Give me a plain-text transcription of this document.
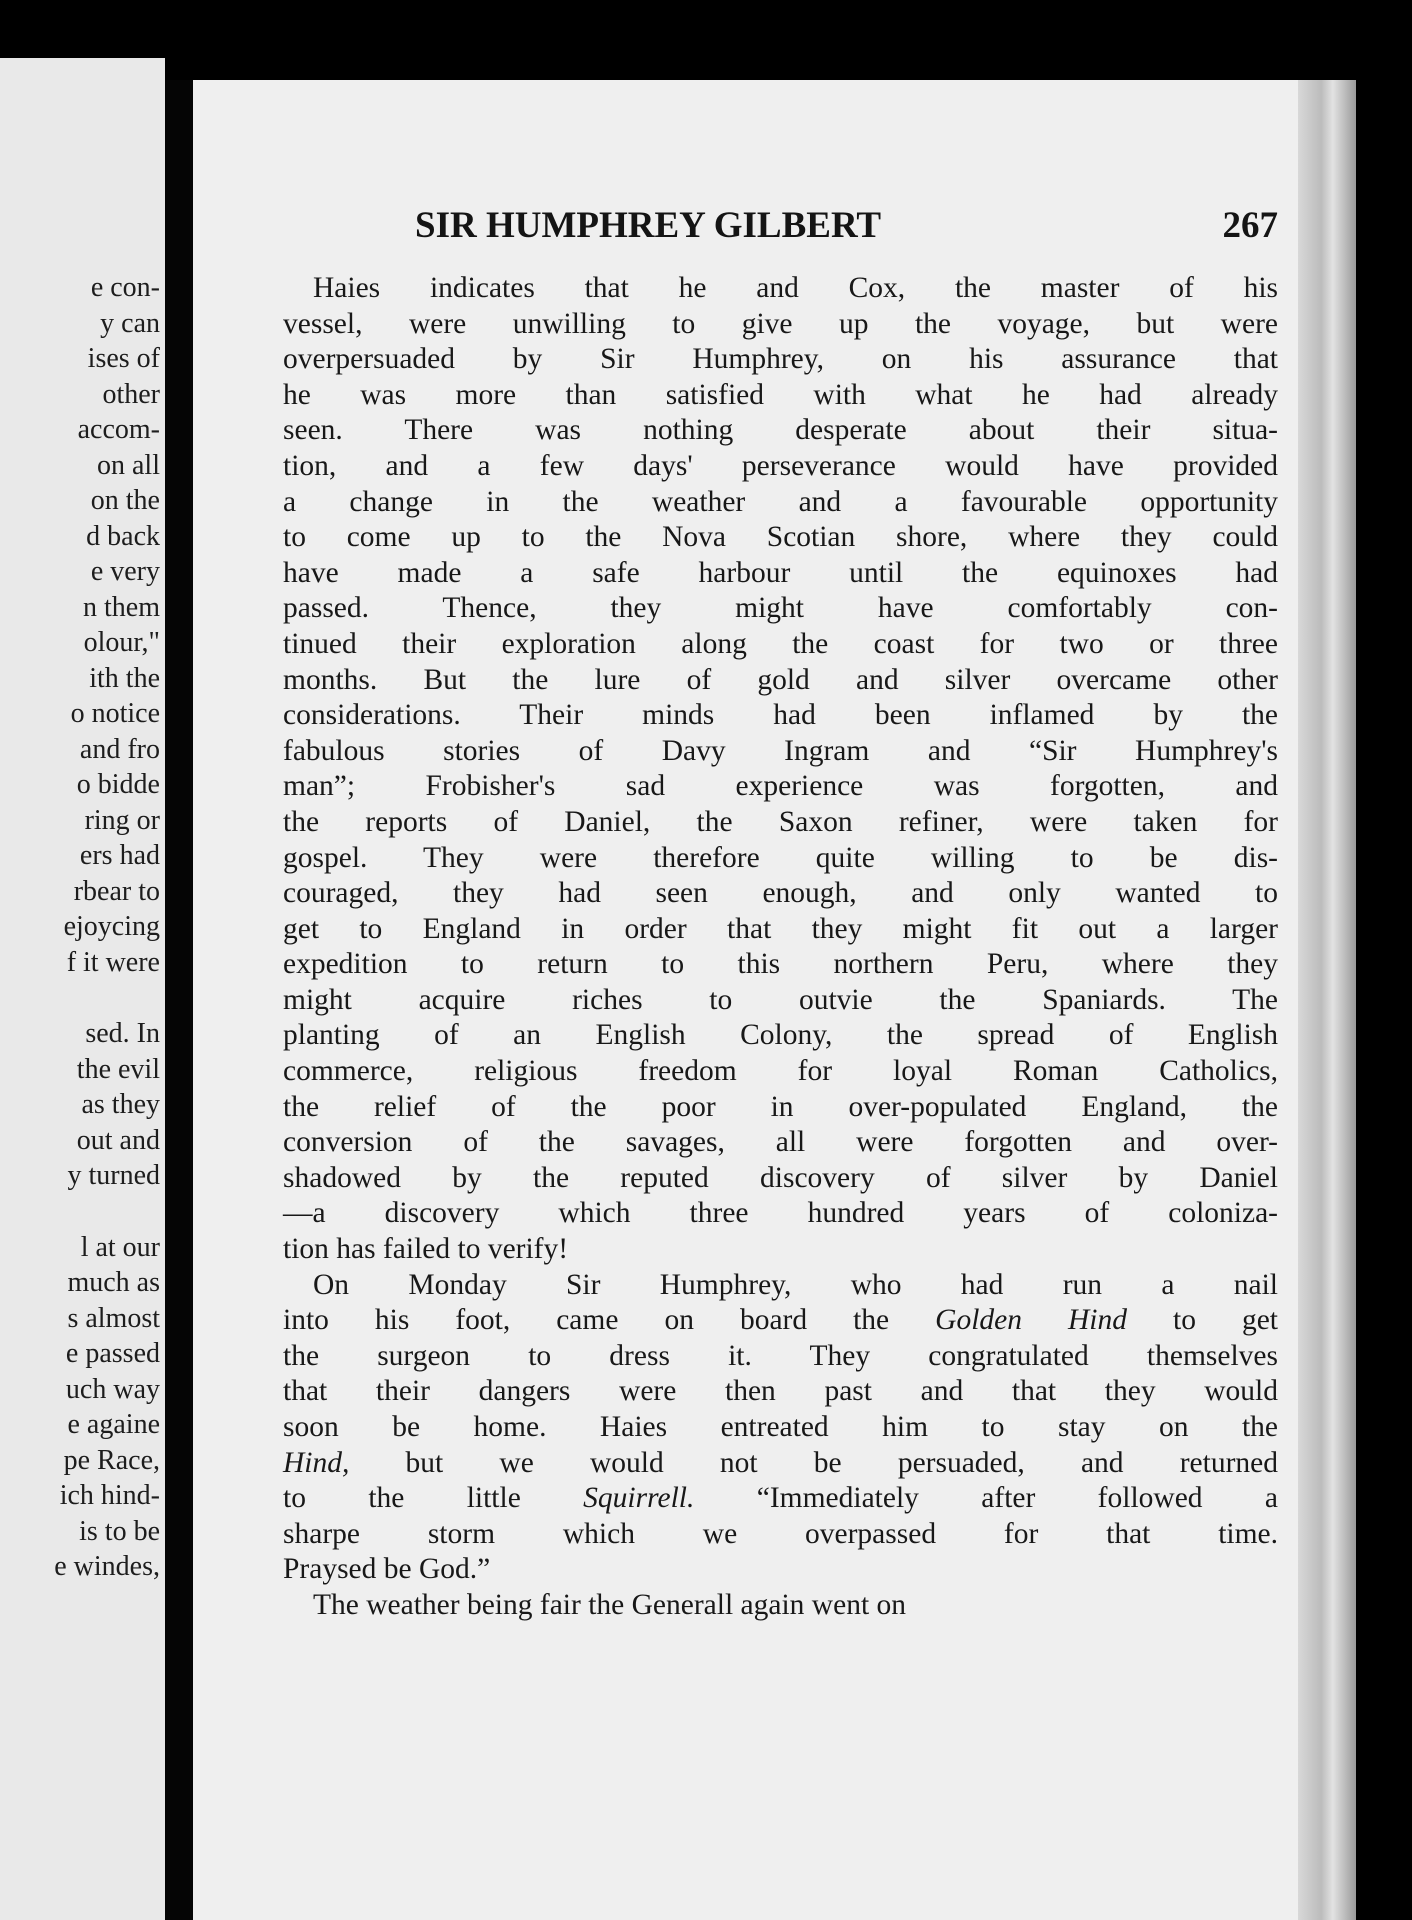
e con-
y can
ises of
other
accom-
on all
on the
d back
e very
n them
olour,"
ith the
o notice
and fro
o bidde
ring or
ers had
rbear to
ejoycing
f it were
sed. In
the evil
as they
out and
y turned
l at our
much as
s almost
e passed
uch way
e againe
pe Race,
ich hind-
is to be
e windes,
SIR HUMPHREY GILBERT	267
Haies indicates that he and Cox, the master of his
vessel, were unwilling to give up the voyage, but were
overpersuaded by Sir Humphrey, on his assurance that
he was more than satisfied with what he had already
seen. There was nothing desperate about their situa-
tion, and a few days' perseverance would have provided
a change in the weather and a favourable opportunity
to come up to the Nova Scotian shore, where they could
have made a safe harbour until the equinoxes had
passed. Thence, they might have comfortably con-
tinued their exploration along the coast for two or three
months. But the lure of gold and silver overcame other
considerations. Their minds had been inflamed by the
fabulous stories of Davy Ingram and “Sir Humphrey's
man”; Frobisher's sad experience was forgotten, and
the reports of Daniel, the Saxon refiner, were taken for
gospel. They were therefore quite willing to be dis-
couraged, they had seen enough, and only wanted to
get to England in order that they might fit out a larger
expedition to return to this northern Peru, where they
might acquire riches to outvie the Spaniards. The
planting of an English Colony, the spread of English
commerce, religious freedom for loyal Roman Catholics,
the relief of the poor in over-populated England, the
conversion of the savages, all were forgotten and over-
shadowed by the reputed discovery of silver by Daniel
—a discovery which three hundred years of coloniza-
tion has failed to verify!
On Monday Sir Humphrey, who had run a nail
into his foot, came on board the Golden Hind to get
the surgeon to dress it. They congratulated themselves
that their dangers were then past and that they would
soon be home. Haies entreated him to stay on the
Hind, but we would not be persuaded, and returned
to the little Squirrell. “Immediately after followed a
sharpe storm which we overpassed for that time.
Praysed be God.”
The weather being fair the Generall again went on
